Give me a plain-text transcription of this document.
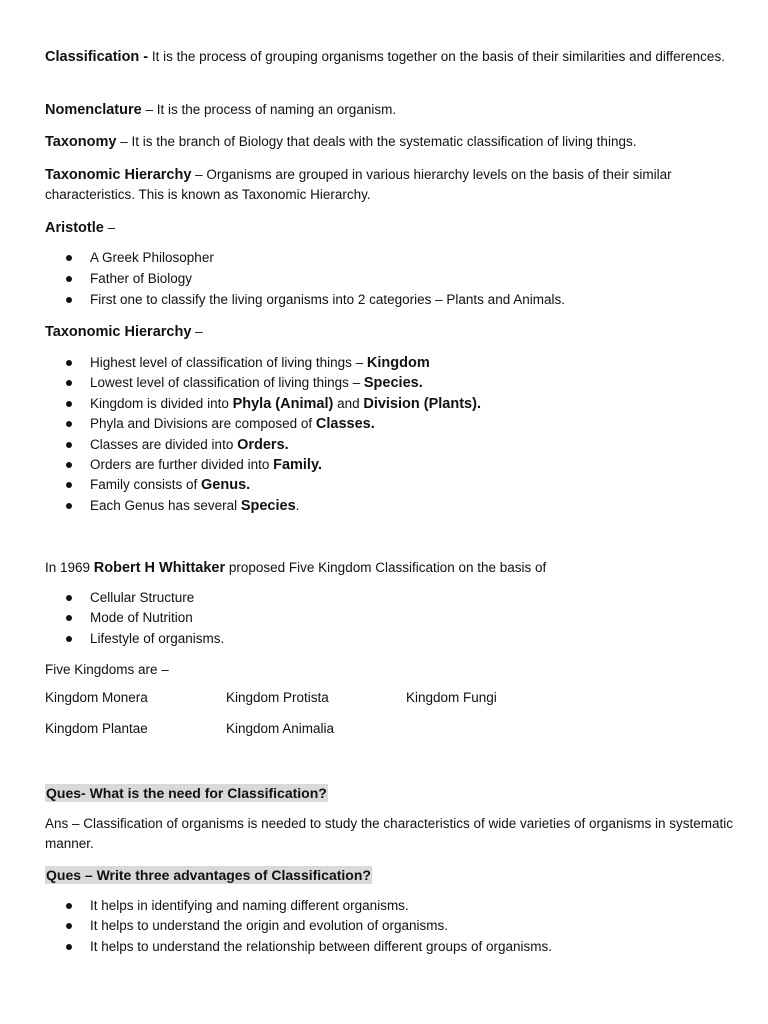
Classification - It is the process of grouping organisms together on the basis of their similarities and differences.
Nomenclature – It is the process of naming an organism.
Taxonomy – It is the branch of Biology that deals with the systematic classification of living things.
Taxonomic Hierarchy – Organisms are grouped in various hierarchy levels on the basis of their similar characteristics. This is known as Taxonomic Hierarchy.
Aristotle –
A Greek Philosopher
Father of Biology
First one to classify the living organisms into 2 categories – Plants and Animals.
Taxonomic Hierarchy –
Highest level of classification of living things – Kingdom
Lowest level of classification of living things – Species.
Kingdom is divided into Phyla (Animal) and Division (Plants).
Phyla and Divisions are composed of Classes.
Classes are divided into Orders.
Orders are further divided into Family.
Family consists of Genus.
Each Genus has several Species.
In 1969 Robert H Whittaker proposed Five Kingdom Classification on the basis of
Cellular Structure
Mode of Nutrition
Lifestyle of organisms.
Five Kingdoms are –
Kingdom Monera	Kingdom Protista	Kingdom Fungi
Kingdom Plantae	Kingdom Animalia
Ques- What is the need for Classification?
Ans – Classification of organisms is needed to study the characteristics of wide varieties of organisms in systematic manner.
Ques – Write three advantages of Classification?
It helps in identifying and naming different organisms.
It helps to understand the origin and evolution of organisms.
It helps to understand the relationship between different groups of organisms.
